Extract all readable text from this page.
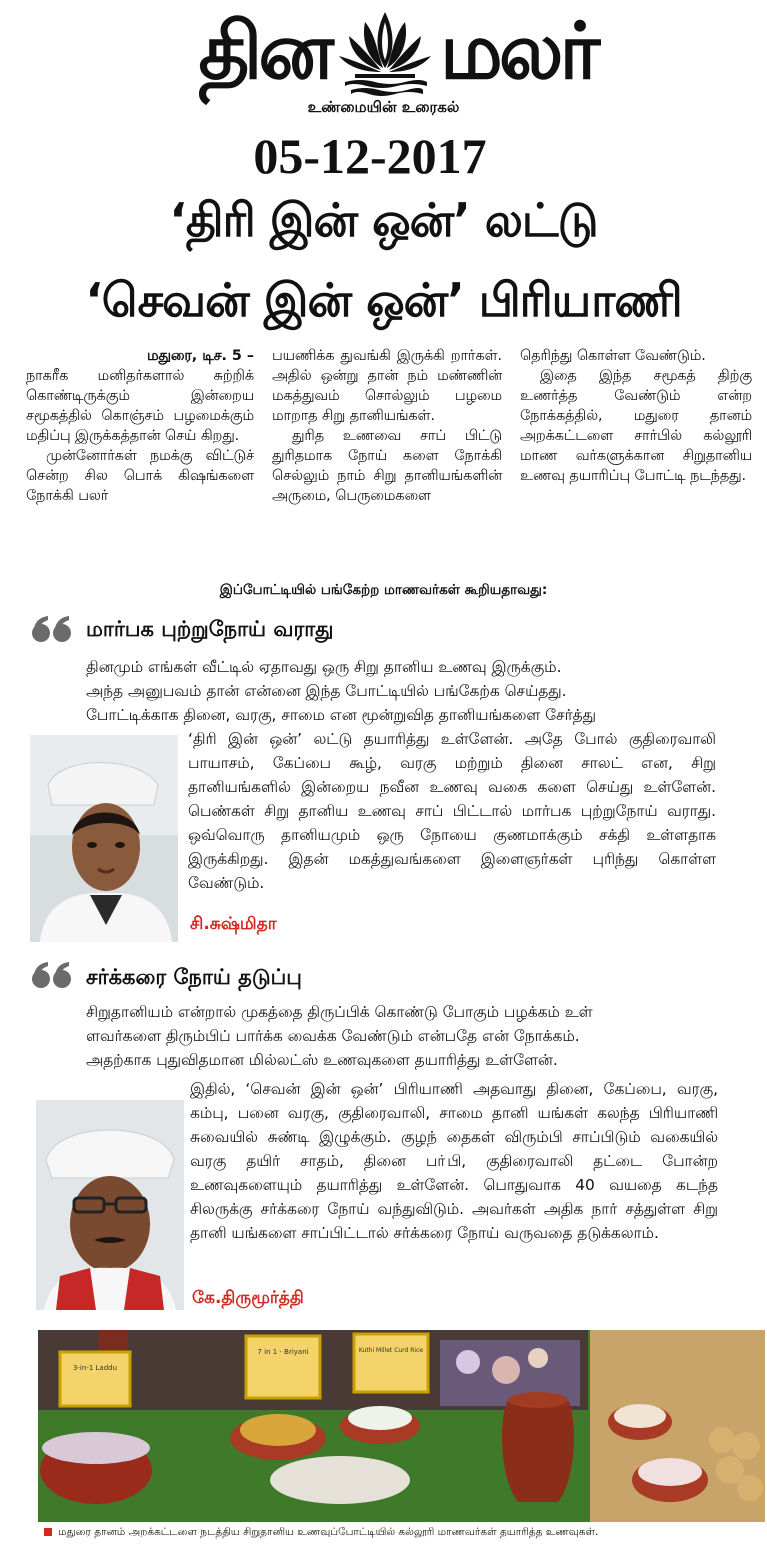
தின மலர்
உண்மையின் உரைகல்
05-12-2017
‘திரி இன் ஒன்’ லட்டு
‘செவன் இன் ஒன்’ பிரியாணி
மதுரை, டிச. 5 –

நாகரீக மனிதர்களால் சுற்றிக் கொண்டிருக்கும் இன்றைய சமூகத்தில் கொஞ்சம் பழமைக்கும் மதிப்பு இருக்கத்தான் செய் கிறது.

முன்னோர்கள் நமக்கு விட்டுச் சென்ற சில பொக் கிஷங்களை நோக்கி பலர்

பயணிக்க துவங்கி இருக்கி றார்கள். அதில் ஒன்று தான் நம் மண்ணின் மகத்துவம் சொல்லும் பழமை மாறாத சிறு தானியங்கள்.

துரித உணவை சாப் பிட்டு துரிதமாக நோய் களை நோக்கி செல்லும் நாம் சிறு தானியங்களின் அருமை, பெருமைகளை

தெரிந்து கொள்ள வேண்டும்.

இதை இந்த சமூகத் திற்கு உணர்த்த வேண்டும் என்ற நோக்கத்தில், மதுரை தானம் அறக்கட்டளை சார்பில் கல்லூரி மாண வர்களுக்கான சிறுதானிய உணவு தயாரிப்பு போட்டி நடந்தது.

இப்போட்டியில் பங்கேற்ற மாணவர்கள் கூறியதாவது:
மார்பக புற்றுநோய் வராது
தினமும் எங்கள் வீட்டில் ஏதாவது ஒரு சிறு தானிய உணவு இருக்கும்.
அந்த அனுபவம் தான் என்னை இந்த போட்டியில் பங்கேற்க செய்தது.
போட்டிக்காக தினை, வரகு, சாமை என மூன்றுவித தானியங்களை சேர்த்து
‘திரி இன் ஒன்’ லட்டு தயாரித்து உள்ளேன். அதே போல் குதிரைவாலி பாயாசம், கேப்பை கூழ், வரகு மற்றும் தினை சாலட் என, சிறு தானியங்களில் இன்றைய நவீன உணவு வகை களை செய்து உள்ளேன். பெண்கள் சிறு தானிய உணவு சாப் பிட்டால் மார்பக புற்றுநோய் வராது. ஒவ்வொரு தானியமும் ஒரு நோயை குணமாக்கும் சக்தி உள்ளதாக இருக்கிறது. இதன் மகத்துவங்களை இளைஞர்கள் புரிந்து கொள்ள வேண்டும்.
சி.சுஷ்மிதா
சர்க்கரை நோய் தடுப்பு
சிறுதானியம் என்றால் முகத்தை திருப்பிக் கொண்டு போகும் பழக்கம் உள்
ளவர்களை திரும்பிப் பார்க்க வைக்க வேண்டும் என்பதே என் நோக்கம்.
அதற்காக புதுவிதமான மில்லட்ஸ் உணவுகளை தயாரித்து உள்ளேன்.
இதில், ‘செவன் இன் ஒன்’ பிரியாணி அதவாது தினை, கேப்பை, வரகு, கம்பு, பனை வரகு, குதிரைவாலி, சாமை தானி யங்கள் கலந்த பிரியாணி சுவையில் சுண்டி இழுக்கும். குழந் தைகள் விரும்பி சாப்பிடும் வகையில் வரகு தயிர் சாதம், தினை பா்பி, குதிரைவாலி தட்டை போன்ற உணவுகளையும் தயாரித்து உள்ளேன். பொதுவாக 40 வயதை கடந்த சிலருக்கு சர்க்கரை நோய் வந்துவிடும். அவர்கள் அதிக நார் சத்துள்ள சிறு தானி யங்களை சாப்பிட்டால் சர்க்கரை நோய் வருவதை தடுக்கலாம்.
கே.திருமூர்த்தி
3-in-1 Laddu
7 in 1 - Briyani	Kuthi Millet Curd Rice
மதுரை தானம் அறக்கட்டளை நடத்திய சிறுதானிய உணவுப்போட்டியில் கல்லூரி மாணவர்கள் தயாரித்த உணவுகள்.
